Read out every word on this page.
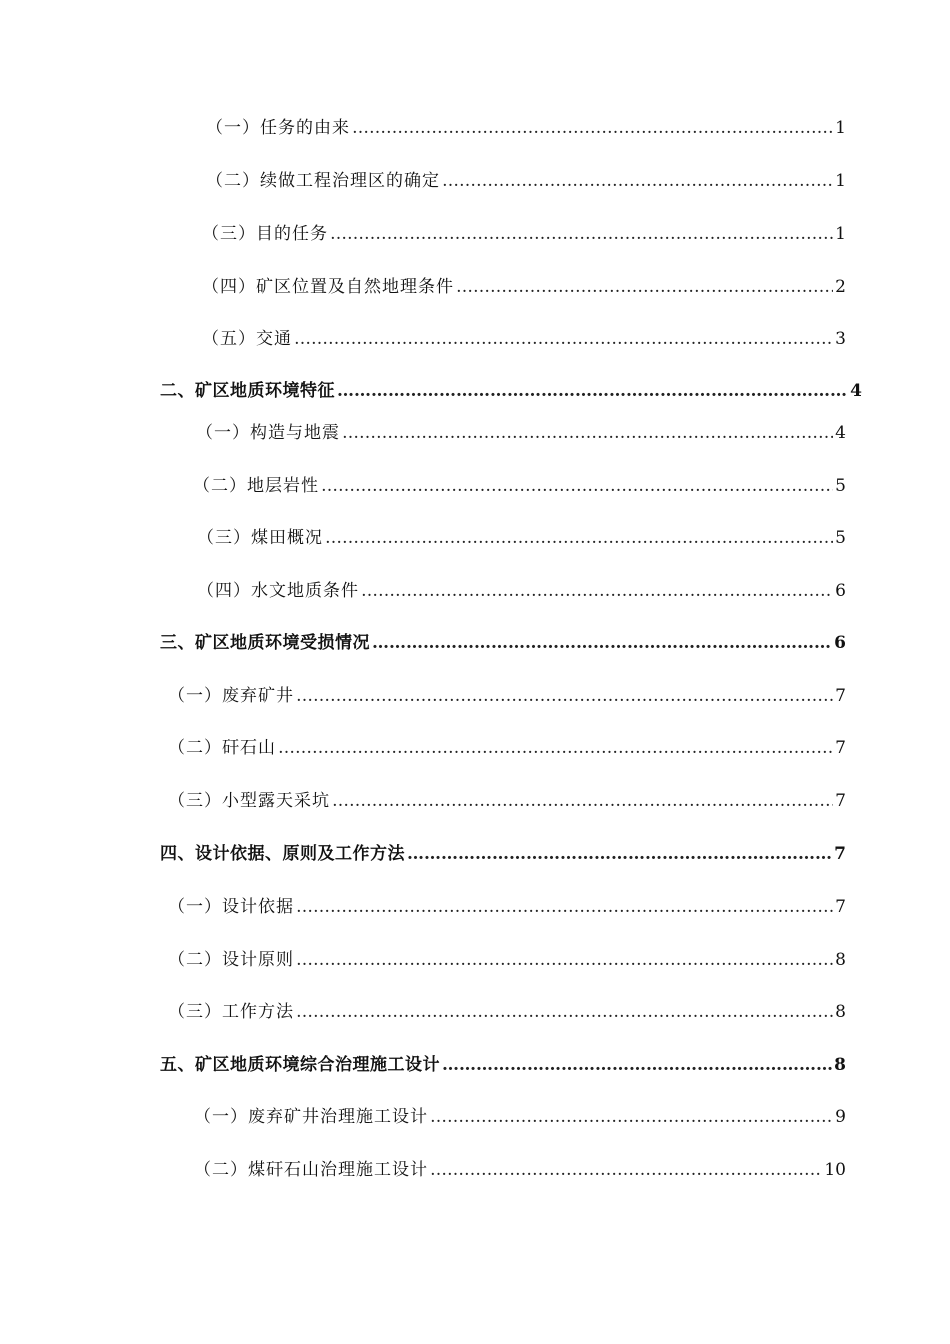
（一）任务的由来 ……………………………………………………………………………………………………………………………………………………………………………………	1
（二）续做工程治理区的确定 ……………………………………………………………………………………………………………………………………………………………………………………	1
（三）目的任务 ……………………………………………………………………………………………………………………………………………………………………………………	1
（四）矿区位置及自然地理条件 ……………………………………………………………………………………………………………………………………………………………………………………	2
（五）交通 ……………………………………………………………………………………………………………………………………………………………………………………	3
二、矿区地质环境特征 ……………………………………………………………………………………………………………………………………………………………………………………	4
（一）构造与地震 ……………………………………………………………………………………………………………………………………………………………………………………	4
（二）地层岩性 ……………………………………………………………………………………………………………………………………………………………………………………	5
（三）煤田概况 ……………………………………………………………………………………………………………………………………………………………………………………	5
（四）水文地质条件 ……………………………………………………………………………………………………………………………………………………………………………………	6
三、矿区地质环境受损情况 ……………………………………………………………………………………………………………………………………………………………………………………	6
（一）废弃矿井 ……………………………………………………………………………………………………………………………………………………………………………………	7
（二）矸石山 ……………………………………………………………………………………………………………………………………………………………………………………	7
（三）小型露天采坑 ……………………………………………………………………………………………………………………………………………………………………………………	7
四、设计依据、原则及工作方法 ……………………………………………………………………………………………………………………………………………………………………………………	7
（一）设计依据 ……………………………………………………………………………………………………………………………………………………………………………………	7
（二）设计原则 ……………………………………………………………………………………………………………………………………………………………………………………	8
（三）工作方法 ……………………………………………………………………………………………………………………………………………………………………………………	8
五、矿区地质环境综合治理施工设计 ……………………………………………………………………………………………………………………………………………………………………………………	8
（一）废弃矿井治理施工设计 ……………………………………………………………………………………………………………………………………………………………………………………	9
（二）煤矸石山治理施工设计 ……………………………………………………………………………………………………………………………………………………………………………………	10
